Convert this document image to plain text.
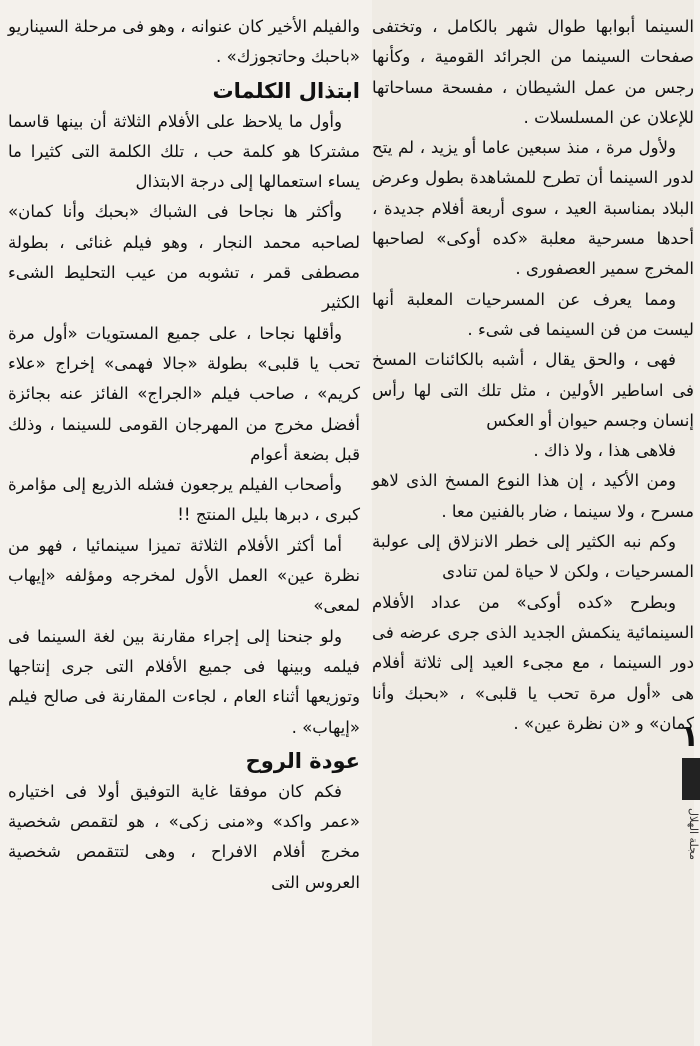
السينما أبوابها طوال شهر بالكامل ، وتختفى صفحات السينما من الجرائد القومية ، وكأنها رجس من عمل الشيطان ، مفسحة مساحاتها للإعلان عن المسلسلات .

ولأول مرة ، منذ سبعين عاما أو يزيد ، لم يتح لدور السينما أن تطرح للمشاهدة بطول وعرض البلاد بمناسبة العيد ، سوى أربعة أفلام جديدة ، أحدها مسرحية معلبة «كده أوكى» لصاحبها المخرج سمير العصفورى .

ومما يعرف عن المسرحيات المعلبة أنها ليست من فن السينما فى شىء .

فهى ، والحق يقال ، أشبه بالكائنات المسخ فى اساطير الأولين ، مثل تلك التى لها رأس إنسان وجسم حيوان أو العكس

فلاهى هذا ، ولا ذاك .

ومن الأكيد ، إن هذا النوع المسخ الذى لاهو مسرح ، ولا سينما ، ضار بالفنين معا .

وكم نبه الكثير إلى خطر الانزلاق إلى عولبة المسرحيات ، ولكن لا حياة لمن تنادى

وبطرح «كده أوكى» من عداد الأفلام السينمائية ينكمش الجديد الذى جرى عرضه فى دور السينما ، مع مجىء العيد إلى ثلاثة أفلام هى «أول مرة تحب يا قلبى» ، «بحبك وأنا كمان» و «ن نظرة عين» .

والفيلم الأخير كان عنوانه ، وهو فى مرحلة السيناريو «باحبك وحاتجوزك» .

ابتذال الكلمات

وأول ما يلاحظ على الأفلام الثلاثة أن بينها قاسما مشتركا هو كلمة حب ، تلك الكلمة التى كثيرا ما يساء استعمالها إلى درجة الابتذال

وأكثر ها نجاحا فى الشباك «بحبك وأنا كمان» لصاحبه محمد النجار ، وهو فيلم غنائى ، بطولة مصطفى قمر ، تشوبه من عيب التحليط الشىء الكثير

وأقلها نجاحا ، على جميع المستويات «أول مرة تحب يا قلبى» بطولة «جالا فهمى» إخراج «علاء كريم» ، صاحب فيلم «الجراج» الفائز عنه بجائزة أفضل مخرج من المهرجان القومى للسينما ، وذلك قبل بضعة أعوام

وأصحاب الفيلم يرجعون فشله الذريع إلى مؤامرة كبرى ، دبرها بليل المنتج !!

أما أكثر الأفلام الثلاثة تميزا سينمائيا ، فهو من نظرة عين» العمل الأول لمخرجه ومؤلفه «إيهاب لمعى»

ولو جنحنا إلى إجراء مقارنة بين لغة السينما فى فيلمه وبينها فى جميع الأفلام التى جرى إنتاجها وتوزيعها أثناء العام ، لجاءت المقارنة فى صالح فيلم «إيهاب» .

عودة الروح

فكم كان موفقا غاية التوفيق أولا فى اختياره «عمر واكد» و«منى زكى» ، هو لتقمص شخصية مخرج أفلام الافراح ، وهى لتتقمص شخصية العروس التى

١
مجلة الهلال
